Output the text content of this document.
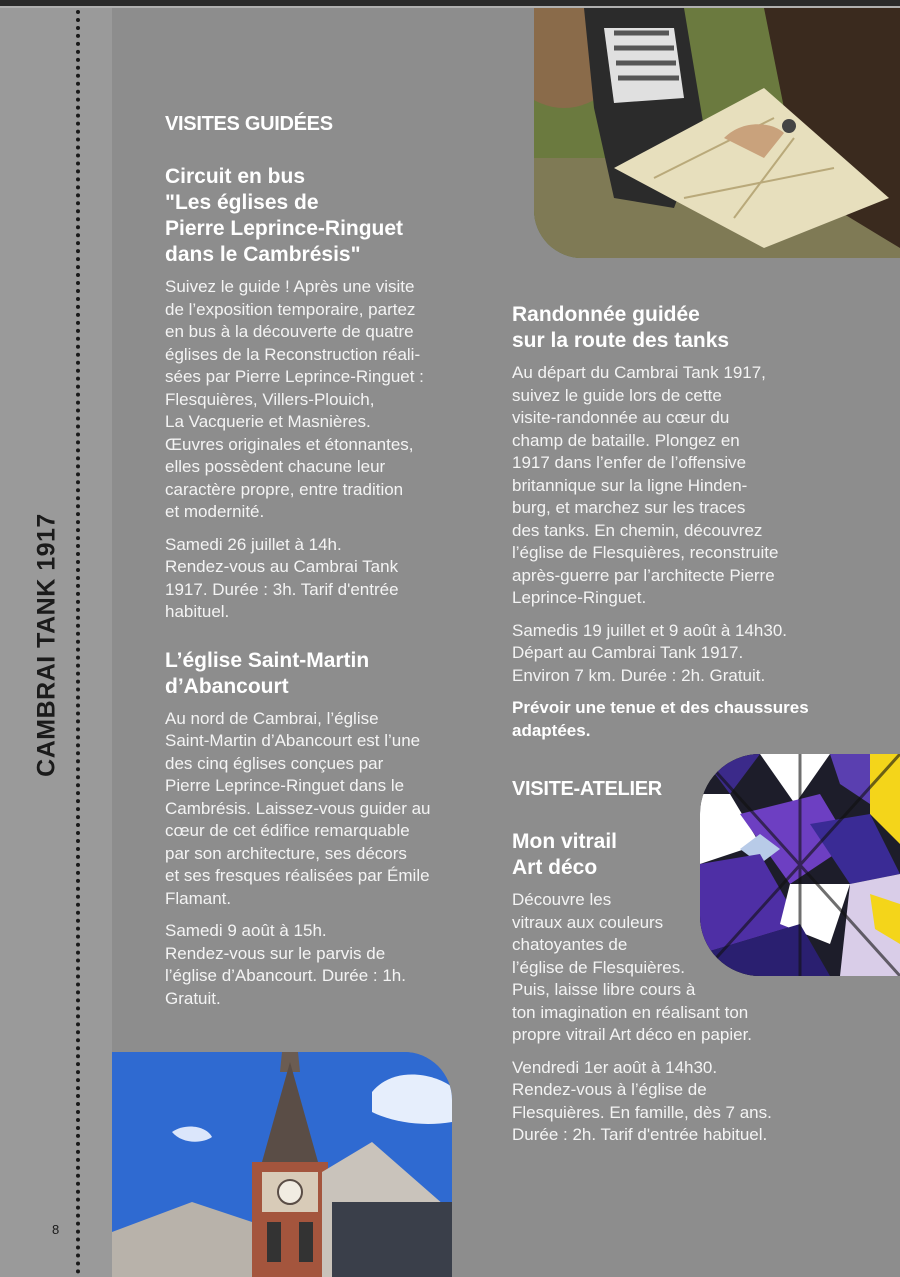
CAMBRAI TANK 1917
8
VISITES GUIDÉES
Circuit en bus
"Les églises de
Pierre Leprince-Ringuet
dans le Cambrésis"
Suivez le guide ! Après une visite
de l’exposition temporaire, partez
en bus à la découverte de quatre
églises de la Reconstruction réali-
sées par Pierre Leprince-Ringuet :
Flesquières, Villers-Plouich,
La Vacquerie et Masnières.
Œuvres originales et étonnantes,
elles possèdent chacune leur
caractère propre, entre tradition
et modernité.
Samedi 26 juillet à 14h.
Rendez-vous au Cambrai Tank
1917. Durée : 3h. Tarif d'entrée
habituel.
L’église Saint-Martin
d’Abancourt
Au nord de Cambrai, l’église
Saint-Martin d’Abancourt est l’une
des cinq églises conçues par
Pierre Leprince-Ringuet dans le
Cambrésis. Laissez-vous guider au
cœur de cet édifice remarquable
par son architecture, ses décors
et ses fresques réalisées par Émile
Flamant.
Samedi 9 août à 15h.
Rendez-vous sur le parvis de
l’église d’Abancourt. Durée : 1h.
Gratuit.
Randonnée guidée
sur la route des tanks
Au départ du Cambrai Tank 1917,
suivez le guide lors de cette
visite-randonnée au cœur du
champ de bataille. Plongez en
1917 dans l’enfer de l’offensive
britannique sur la ligne Hinden-
burg, et marchez sur les traces
des tanks. En chemin, découvrez
l’église de Flesquières, reconstruite
après-guerre par l’architecte Pierre
Leprince-Ringuet.
Samedis 19 juillet et 9 août à 14h30.
Départ au Cambrai Tank 1917.
Environ 7 km. Durée : 2h. Gratuit.
Prévoir une tenue et des chaussures
adaptées.
VISITE-ATELIER
Mon vitrail
Art déco
Découvre les
vitraux aux couleurs
chatoyantes de
l’église de Flesquières.
Puis, laisse libre cours à
ton imagination en réalisant ton
propre vitrail Art déco en papier.
Vendredi 1er août à 14h30.
Rendez-vous à l’église de
Flesquières. En famille, dès 7 ans.
Durée : 2h. Tarif d'entrée habituel.
